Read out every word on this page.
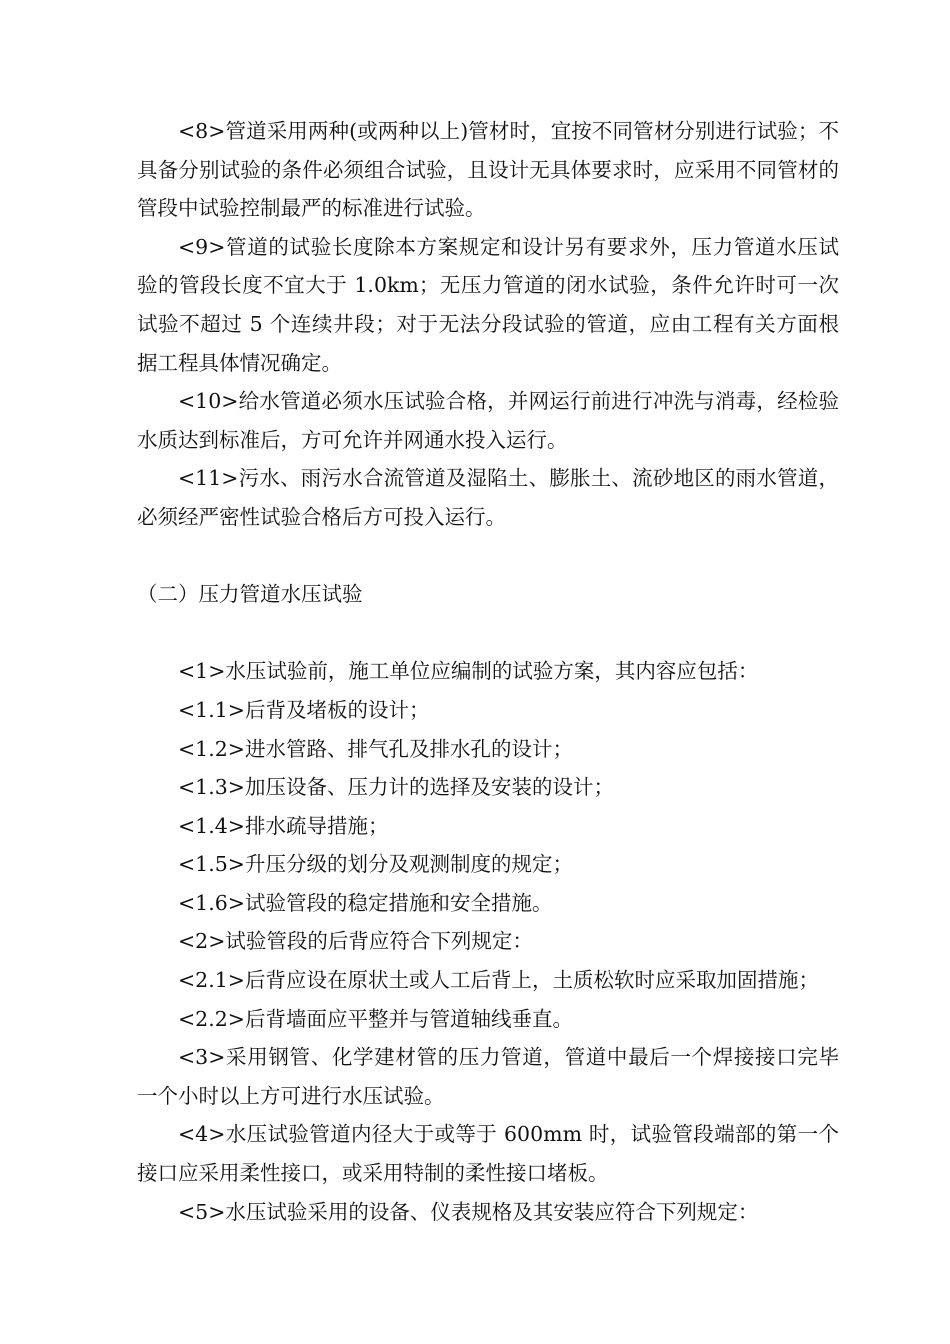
<8>管道采用两种(或两种以上)管材时，宜按不同管材分别进行试验；不具备分别试验的条件必须组合试验，且设计无具体要求时，应采用不同管材的管段中试验控制最严的标准进行试验。

<9>管道的试验长度除本方案规定和设计另有要求外，压力管道水压试验的管段长度不宜大于 1.0km；无压力管道的闭水试验，条件允许时可一次试验不超过 5 个连续井段；对于无法分段试验的管道，应由工程有关方面根据工程具体情况确定。

<10>给水管道必须水压试验合格，并网运行前进行冲洗与消毒，经检验水质达到标准后，方可允许并网通水投入运行。

<11>污水、雨污水合流管道及湿陷土、膨胀土、流砂地区的雨水管道，必须经严密性试验合格后方可投入运行。

（二）压力管道水压试验

<1>水压试验前，施工单位应编制的试验方案，其内容应包括：

<1.1>后背及堵板的设计；

<1.2>进水管路、排气孔及排水孔的设计；

<1.3>加压设备、压力计的选择及安装的设计；

<1.4>排水疏导措施；

<1.5>升压分级的划分及观测制度的规定；

<1.6>试验管段的稳定措施和安全措施。

<2>试验管段的后背应符合下列规定：

<2.1>后背应设在原状土或人工后背上，土质松软时应采取加固措施；

<2.2>后背墙面应平整并与管道轴线垂直。

<3>采用钢管、化学建材管的压力管道，管道中最后一个焊接接口完毕一个小时以上方可进行水压试验。

<4>水压试验管道内径大于或等于 600mm 时，试验管段端部的第一个接口应采用柔性接口，或采用特制的柔性接口堵板。

<5>水压试验采用的设备、仪表规格及其安装应符合下列规定：
